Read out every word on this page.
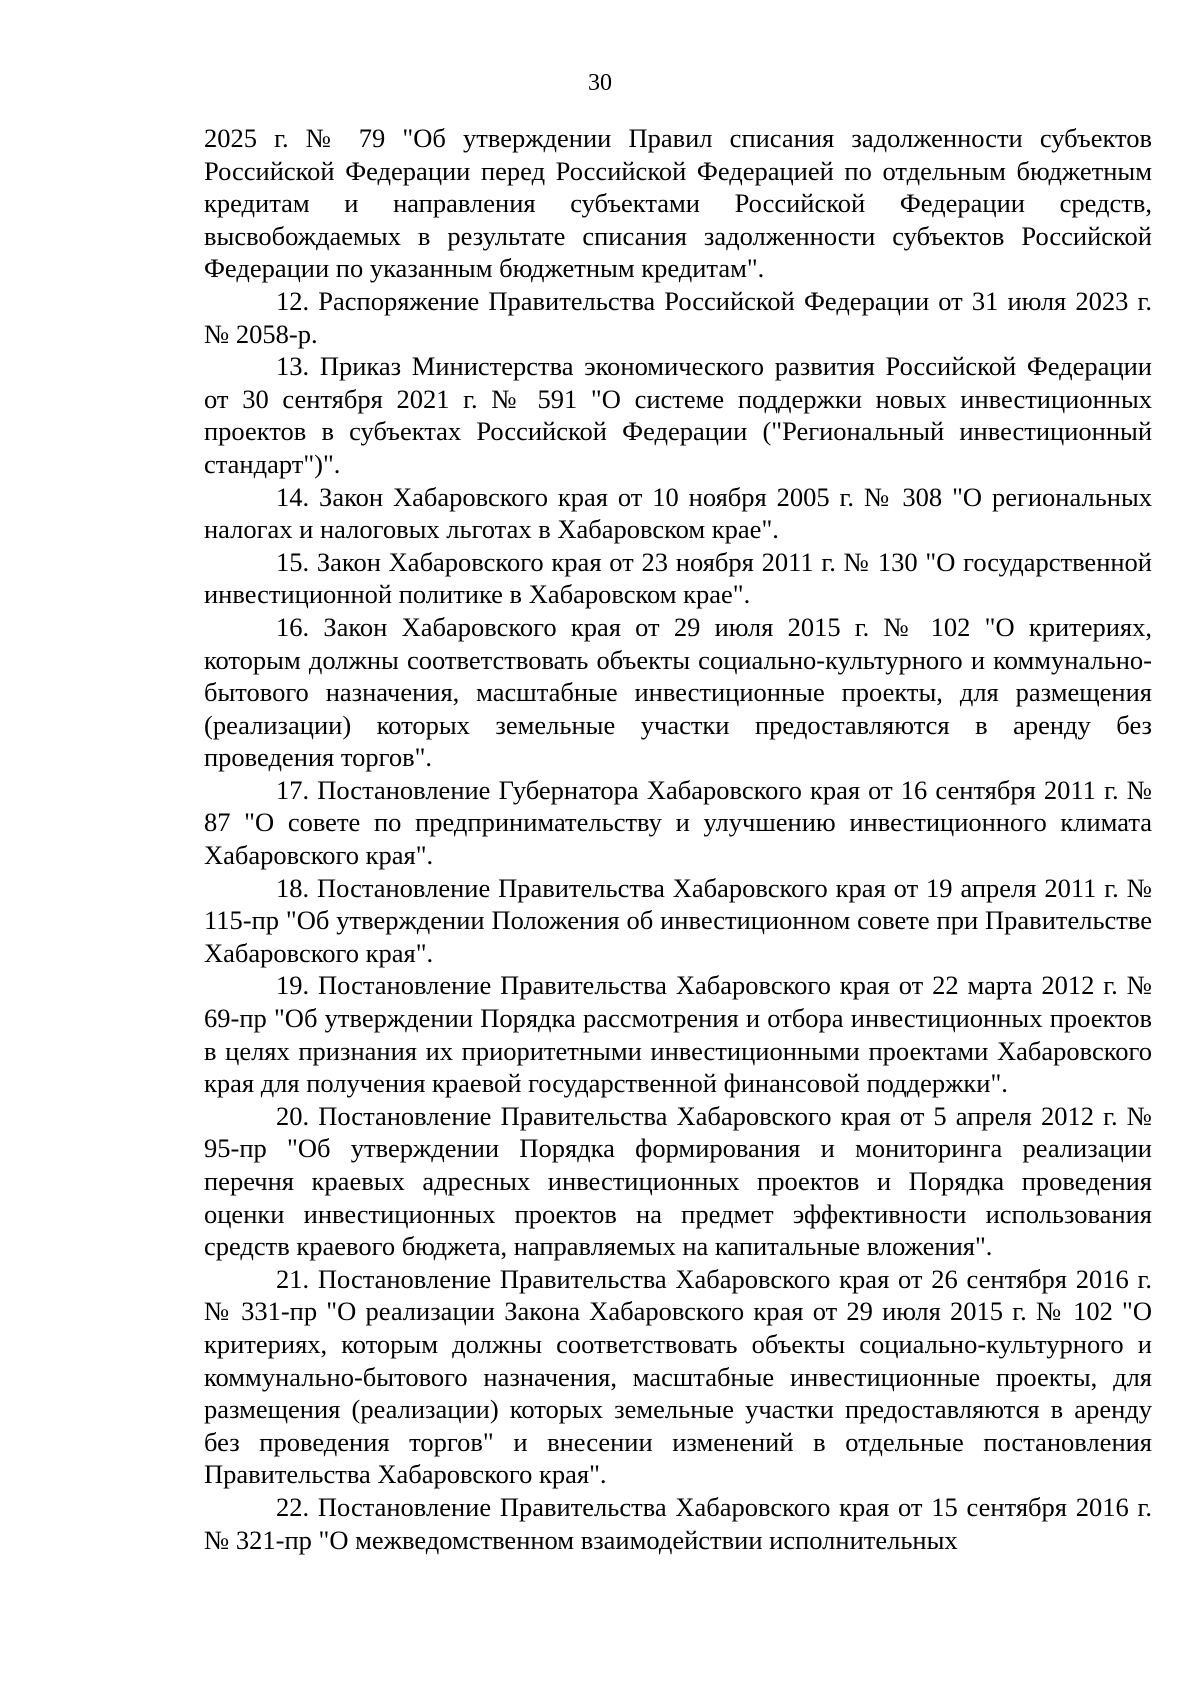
30

2025 г. № 79 "Об утверждении Правил списания задолженности субъектов Российской Федерации перед Российской Федерацией по отдельным бюджетным кредитам и направления субъектами Российской Федерации средств, высвобождаемых в результате списания задолженности субъектов Российской Федерации по указанным бюджетным кредитам".

12. Распоряжение Правительства Российской Федерации от 31 июля 2023 г. № 2058-р.

13. Приказ Министерства экономического развития Российской Федерации от 30 сентября 2021 г. № 591 "О системе поддержки новых инвестиционных проектов в субъектах Российской Федерации ("Региональный инвестиционный стандарт")".

14. Закон Хабаровского края от 10 ноября 2005 г. № 308 "О региональных налогах и налоговых льготах в Хабаровском крае".

15. Закон Хабаровского края от 23 ноября 2011 г. № 130 "О государственной инвестиционной политике в Хабаровском крае".

16. Закон Хабаровского края от 29 июля 2015 г. № 102 "О критериях, которым должны соответствовать объекты социально-культурного и коммунально-бытового назначения, масштабные инвестиционные проекты, для размещения (реализации) которых земельные участки предоставляются в аренду без проведения торгов".

17. Постановление Губернатора Хабаровского края от 16 сентября 2011 г. № 87 "О совете по предпринимательству и улучшению инвестиционного климата Хабаровского края".

18. Постановление Правительства Хабаровского края от 19 апреля 2011 г. № 115-пр "Об утверждении Положения об инвестиционном совете при Правительстве Хабаровского края".

19. Постановление Правительства Хабаровского края от 22 марта 2012 г. № 69-пр "Об утверждении Порядка рассмотрения и отбора инвестиционных проектов в целях признания их приоритетными инвестиционными проектами Хабаровского края для получения краевой государственной финансовой поддержки".

20. Постановление Правительства Хабаровского края от 5 апреля 2012 г. № 95-пр "Об утверждении Порядка формирования и мониторинга реализации перечня краевых адресных инвестиционных проектов и Порядка проведения оценки инвестиционных проектов на предмет эффективности использования средств краевого бюджета, направляемых на капитальные вложения".

21. Постановление Правительства Хабаровского края от 26 сентября 2016 г. № 331-пр "О реализации Закона Хабаровского края от 29 июля 2015 г. № 102 "О критериях, которым должны соответствовать объекты социально-культурного и коммунально-бытового назначения, масштабные инвестиционные проекты, для размещения (реализации) которых земельные участки предоставляются в аренду без проведения торгов" и внесении изменений в отдельные постановления Правительства Хабаровского края".

22. Постановление Правительства Хабаровского края от 15 сентября 2016 г. № 321-пр "О межведомственном взаимодействии исполнительных
